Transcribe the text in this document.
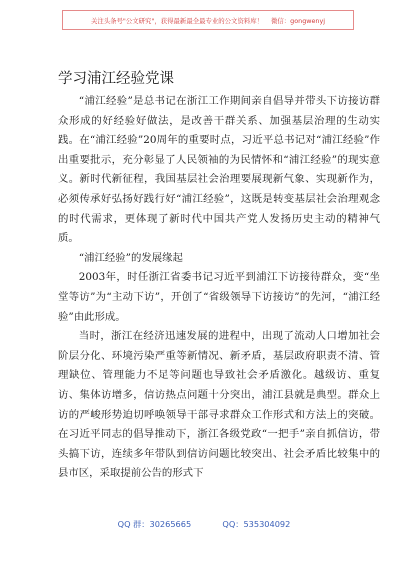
关注头条号"公文研究"，获得最新最全最专业的公文资料库！ 微信：gongwenyj
学习浦江经验党课

“浦江经验”是总书记在浙江工作期间亲自倡导并带头下访接访群众形成的好经验好做法，是改善干群关系、加强基层治理的生动实践。在“浦江经验”20周年的重要时点，习近平总书记对“浦江经验”作出重要批示，充分彰显了人民领袖的为民情怀和“浦江经验”的现实意义。新时代新征程，我国基层社会治理要展现新气象、实现新作为，必须传承好弘扬好践行好“浦江经验”，这既是转变基层社会治理观念的时代需求，更体现了新时代中国共产党人发扬历史主动的精神气质。

“浦江经验”的发展缘起

2003年，时任浙江省委书记习近平到浦江下访接待群众，变“坐堂等访”为“主动下访”，开创了“省级领导下访接访”的先河，“浦江经验”由此形成。

当时，浙江在经济迅速发展的进程中，出现了流动人口增加社会阶层分化、环境污染严重等新情况、新矛盾，基层政府职责不清、管理缺位、管理能力不足等问题也导致社会矛盾激化。越级访、重复访、集体访增多，信访热点问题十分突出，浦江县就是典型。群众上访的严峻形势迫切呼唤领导干部寻求群众工作形式和方法上的突破。在习近平同志的倡导推动下，浙江各级党政“一把手”亲自抓信访，带头搞下访，连续多年带队到信访问题比较突出、社会矛盾比较集中的县市区，采取提前公告的形式下

QQ 群：30265665	QQ：535304092
